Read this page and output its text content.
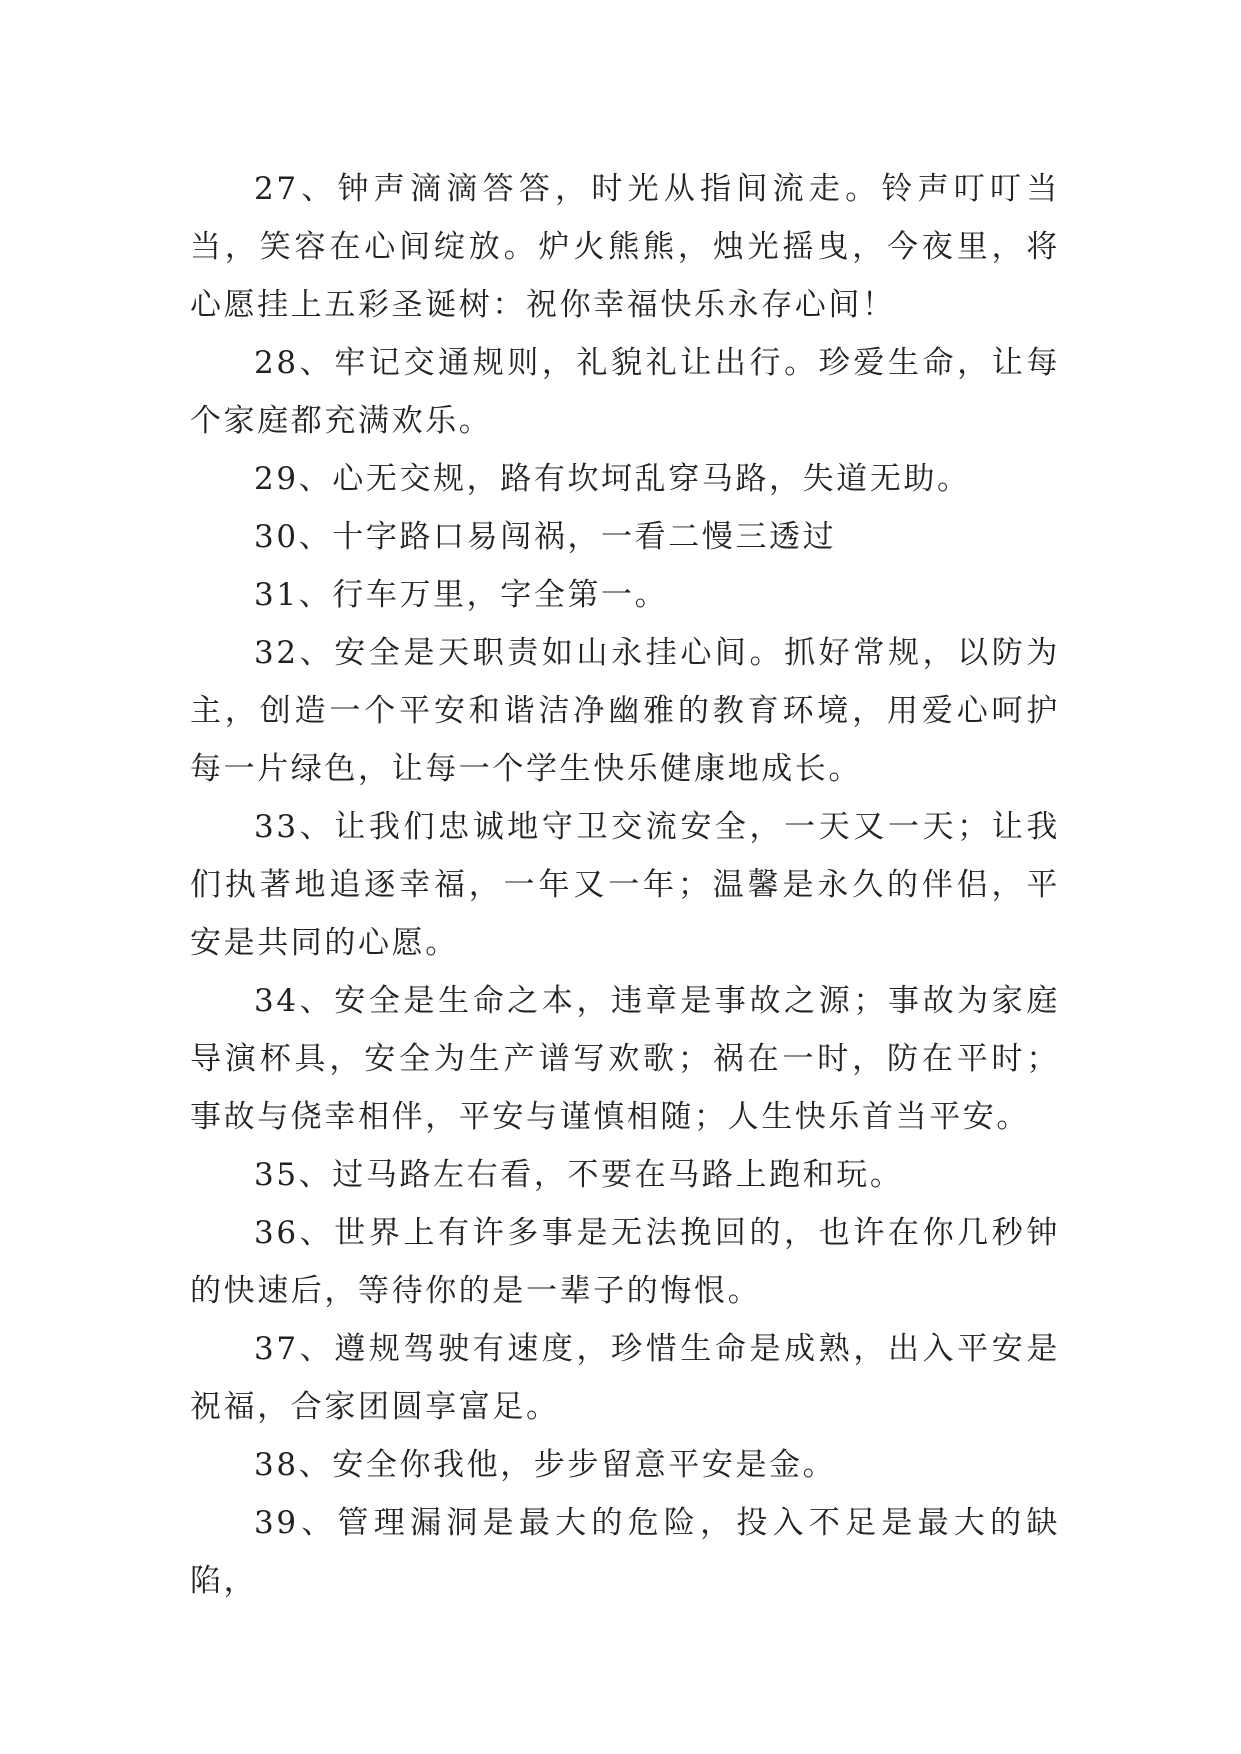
27、钟声滴滴答答，时光从指间流走。铃声叮叮当当，笑容在心间绽放。炉火熊熊，烛光摇曳，今夜里，将心愿挂上五彩圣诞树：祝你幸福快乐永存心间！

28、牢记交通规则，礼貌礼让出行。珍爱生命，让每个家庭都充满欢乐。

29、心无交规，路有坎坷乱穿马路，失道无助。

30、十字路口易闯祸，一看二慢三透过

31、行车万里，字全第一。

32、安全是天职责如山永挂心间。抓好常规，以防为主，创造一个平安和谐洁净幽雅的教育环境，用爱心呵护每一片绿色，让每一个学生快乐健康地成长。

33、让我们忠诚地守卫交流安全，一天又一天；让我们执著地追逐幸福，一年又一年；温馨是永久的伴侣，平安是共同的心愿。

34、安全是生命之本，违章是事故之源；事故为家庭导演杯具，安全为生产谱写欢歌；祸在一时，防在平时；事故与侥幸相伴，平安与谨慎相随；人生快乐首当平安。

35、过马路左右看，不要在马路上跑和玩。

36、世界上有许多事是无法挽回的，也许在你几秒钟的快速后，等待你的是一辈子的悔恨。

37、遵规驾驶有速度，珍惜生命是成熟，出入平安是祝福，合家团圆享富足。

38、安全你我他，步步留意平安是金。

39、管理漏洞是最大的危险，投入不足是最大的缺陷，
